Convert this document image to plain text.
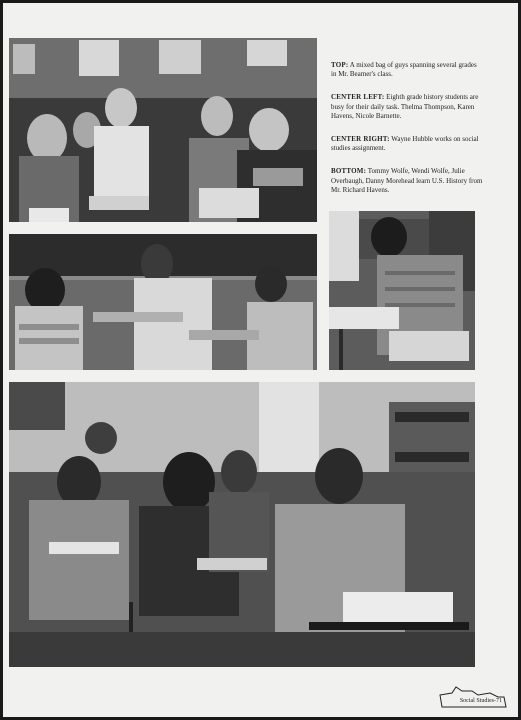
TOP: A mixed bag of guys spanning several grades in Mr. Beamer's class.

CENTER LEFT: Eighth grade history students are busy for their daily task. Thelma Thompson, Karen Havens, Nicole Barnette.

CENTER RIGHT: Wayne Hubble works on social studies assignment.

BOTTOM: Tommy Wolfe, Wendi Wolfe, Julie Overbaugh, Danny Morehead learn U.S. History from Mr. Richard Havens.

Social Studies-71
